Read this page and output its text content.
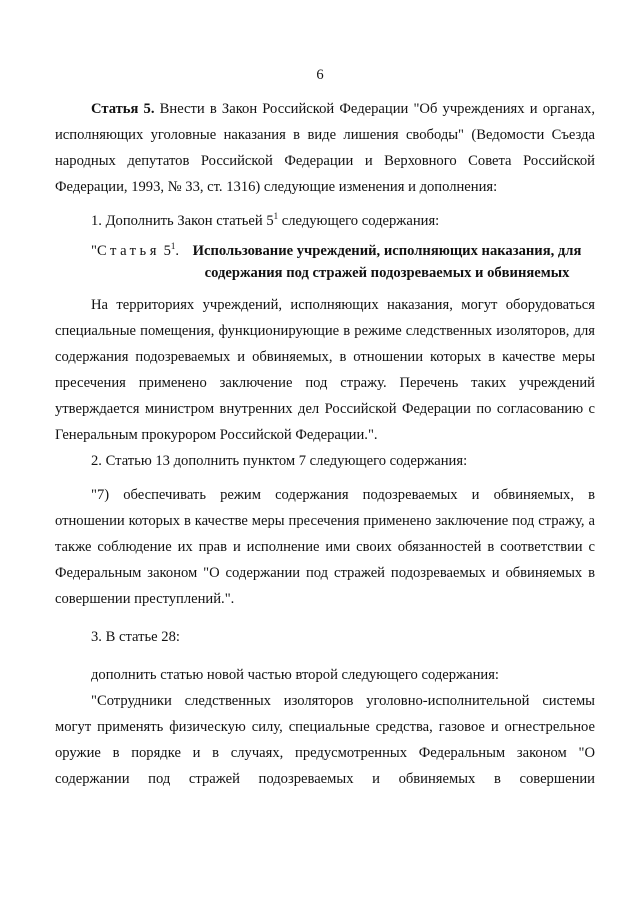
6

Статья 5. Внести в Закон Российской Федерации "Об учреждениях и органах, исполняющих уголовные наказания в виде лишения свободы" (Ведомости Съезда народных депутатов Российской Федерации и Верховного Совета Российской Федерации, 1993, № 33, ст. 1316) следующие изменения и дополнения:

1. Дополнить Закон статьей $5^1$ следующего содержания:

"Статья $5^1$. Использование учреждений, исполняющих наказания, для содержания под стражей подозреваемых и обвиняемых

На территориях учреждений, исполняющих наказания, могут оборудоваться специальные помещения, функционирующие в режиме следственных изоляторов, для содержания подозреваемых и обвиняемых, в отношении которых в качестве меры пресечения применено заключение под стражу. Перечень таких учреждений утверждается министром внутренних дел Российской Федерации по согласованию с Генеральным прокурором Российской Федерации.".

2. Статью 13 дополнить пунктом 7 следующего содержания:

"7) обеспечивать режим содержания подозреваемых и обвиняемых, в отношении которых в качестве меры пресечения применено заключение под стражу, а также соблюдение их прав и исполнение ими своих обязанностей в соответствии с Федеральным законом "О содержании под стражей подозреваемых и обвиняемых в совершении преступлений.".

3. В статье 28:

дополнить статью новой частью второй следующего содержания:

"Сотрудники следственных изоляторов уголовно-исполнительной системы могут применять физическую силу, специальные средства, газовое и огнестрельное оружие в порядке и в случаях, предусмотренных Федеральным законом "О содержании под стражей подозреваемых и обвиняемых в совершении
